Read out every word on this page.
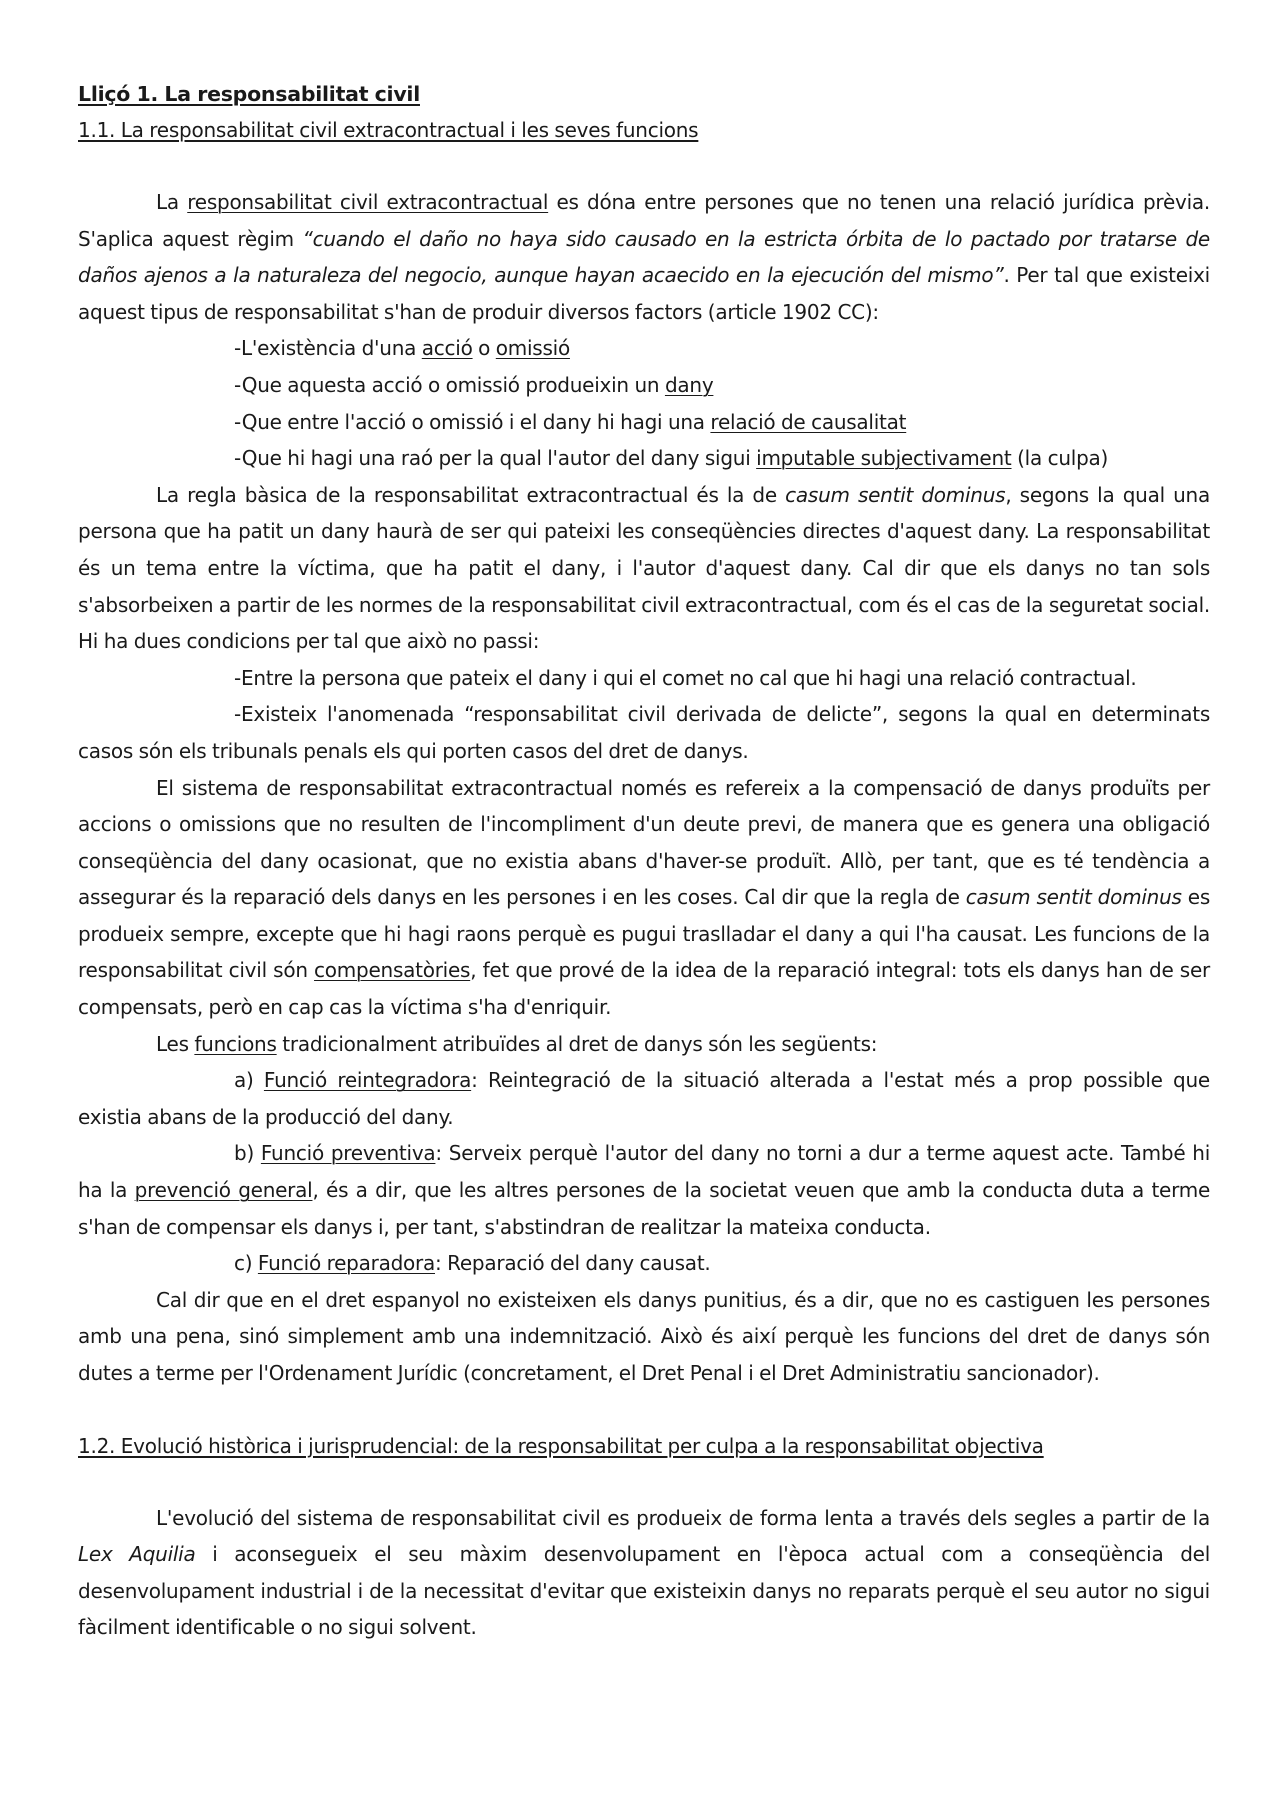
Lliçó 1. La responsabilitat civil
1.1. La responsabilitat civil extracontractual i les seves funcions

La responsabilitat civil extracontractual es dóna entre persones que no tenen una relació jurídica prèvia. S'aplica aquest règim “cuando el daño no haya sido causado en la estricta órbita de lo pactado por tratarse de daños ajenos a la naturaleza del negocio, aunque hayan acaecido en la ejecución del mismo”. Per tal que existeixi aquest tipus de responsabilitat s'han de produir diversos factors (article 1902 CC):

-L'existència d'una acció o omissió

-Que aquesta acció o omissió produeixin un dany

-Que entre l'acció o omissió i el dany hi hagi una relació de causalitat

-Que hi hagi una raó per la qual l'autor del dany sigui imputable subjectivament (la culpa)

La regla bàsica de la responsabilitat extracontractual és la de casum sentit dominus, segons la qual una persona que ha patit un dany haurà de ser qui pateixi les conseqüències directes d'aquest dany. La responsabilitat és un tema entre la víctima, que ha patit el dany, i l'autor d'aquest dany. Cal dir que els danys no tan sols s'absorbeixen a partir de les normes de la responsabilitat civil extracontractual, com és el cas de la seguretat social. Hi ha dues condicions per tal que això no passi:

-Entre la persona que pateix el dany i qui el comet no cal que hi hagi una relació contractual.

-Existeix l'anomenada “responsabilitat civil derivada de delicte”, segons la qual en determinats casos són els tribunals penals els qui porten casos del dret de danys.

El sistema de responsabilitat extracontractual només es refereix a la compensació de danys produïts per accions o omissions que no resulten de l'incompliment d'un deute previ, de manera que es genera una obligació conseqüència del dany ocasionat, que no existia abans d'haver-se produït. Allò, per tant, que es té tendència a assegurar és la reparació dels danys en les persones i en les coses. Cal dir que la regla de casum sentit dominus es produeix sempre, excepte que hi hagi raons perquè es pugui traslladar el dany a qui l'ha causat. Les funcions de la responsabilitat civil són compensatòries, fet que prové de la idea de la reparació integral: tots els danys han de ser compensats, però en cap cas la víctima s'ha d'enriquir.

Les funcions tradicionalment atribuïdes al dret de danys són les següents:

a) Funció reintegradora: Reintegració de la situació alterada a l'estat més a prop possible que existia abans de la producció del dany.

b) Funció preventiva: Serveix perquè l'autor del dany no torni a dur a terme aquest acte. També hi ha la prevenció general, és a dir, que les altres persones de la societat veuen que amb la conducta duta a terme s'han de compensar els danys i, per tant, s'abstindran de realitzar la mateixa conducta.

c) Funció reparadora: Reparació del dany causat.

Cal dir que en el dret espanyol no existeixen els danys punitius, és a dir, que no es castiguen les persones amb una pena, sinó simplement amb una indemnització. Això és així perquè les funcions del dret de danys són dutes a terme per l'Ordenament Jurídic (concretament, el Dret Penal i el Dret Administratiu sancionador).

1.2. Evolució històrica i jurisprudencial: de la responsabilitat per culpa a la responsabilitat objectiva

L'evolució del sistema de responsabilitat civil es produeix de forma lenta a través dels segles a partir de la Lex Aquilia i aconsegueix el seu màxim desenvolupament en l'època actual com a conseqüència del desenvolupament industrial i de la necessitat d'evitar que existeixin danys no reparats perquè el seu autor no sigui fàcilment identificable o no sigui solvent.
